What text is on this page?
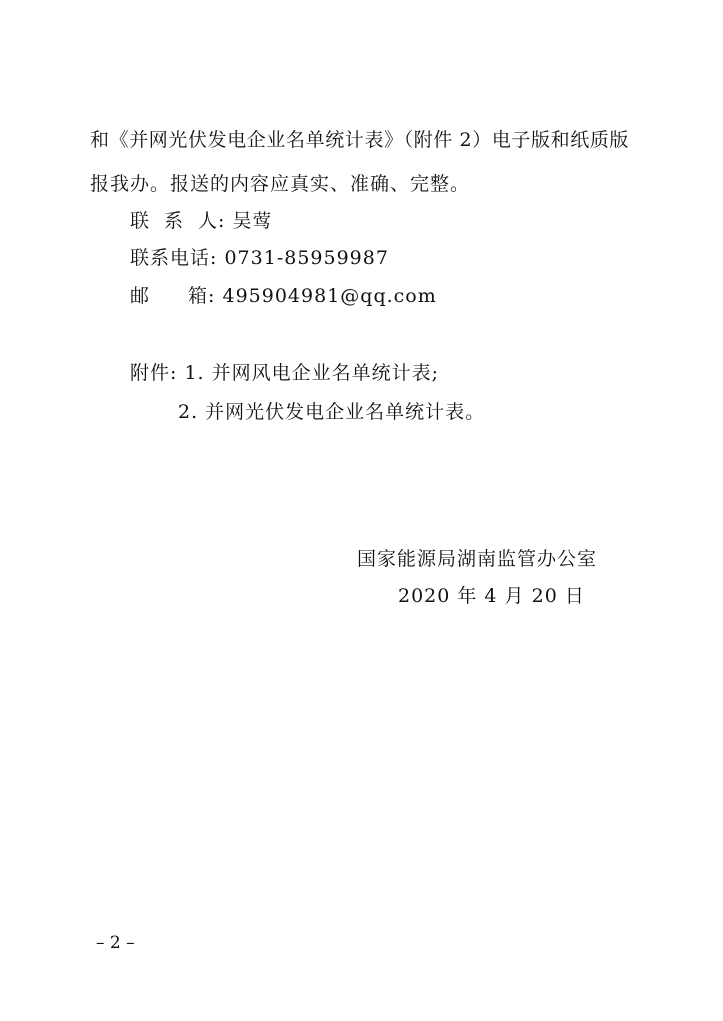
和《并网光伏发电企业名单统计表》（附件 2）电子版和纸质版
报我办。报送的内容应真实、准确、完整。
联 系 人: 吴莺
联系电话: 0731-85959987
邮 箱: 495904981@qq.com
附件: 1. 并网风电企业名单统计表;
2. 并网光伏发电企业名单统计表。
国家能源局湖南监管办公室
2020 年 4 月 20 日
– 2 –
